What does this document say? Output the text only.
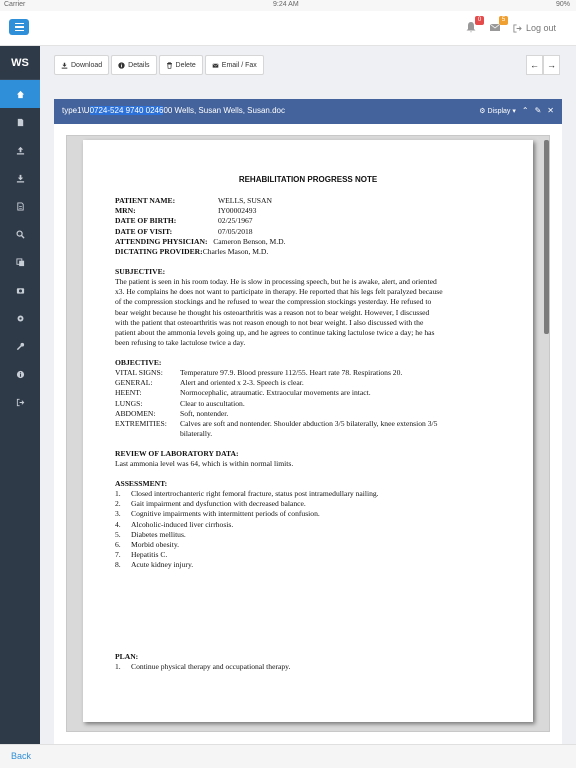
Carrier	9:24 AM	90%
0	5
Log out
WS	Download	Details	Delete	Email / Fax	← →
type1\U0724-524 9740 024600 Wells, Susan Wells, Susan.doc	⚙ Display ▾ ⌃ ✎ ✕
REHABILITATION PROGRESS NOTE
PATIENT NAME:	WELLS, SUSAN
MRN:	IY00002493
DATE OF BIRTH:	02/25/1967
DATE OF VISIT:	07/05/2018
ATTENDING PHYSICIAN: Cameron Benson, M.D.
DICTATING PROVIDER:Charles Mason, M.D.
SUBJECTIVE:
The patient is seen in his room today. He is slow in processing speech, but he is awake, alert, and oriented
x3. He complains he does not want to participate in therapy. He reported that his legs felt paralyzed because
of the compression stockings and he refused to wear the compression stockings yesterday. He refused to
bear weight because he thought his osteoarthritis was a reason not to bear weight. However, I discussed
with the patient that osteoarthritis was not reason enough to not bear weight. I also discussed with the
patient about the ammonia levels going up, and he agrees to continue taking lactulose twice a day; he has
been refusing to take lactulose twice a day.
OBJECTIVE:
VITAL SIGNS: Temperature 97.9. Blood pressure 112/55. Heart rate 78. Respirations 20.
GENERAL:	Alert and oriented x 2-3. Speech is clear.
HEENT:	Normocephalic, atraumatic. Extraocular movements are intact.
LUNGS:	Clear to auscultation.
ABDOMEN:	Soft, nontender.
EXTREMITIES: Calves are soft and nontender. Shoulder abduction 3/5 bilaterally, knee extension 3/5
bilaterally.
REVIEW OF LABORATORY DATA:
Last ammonia level was 64, which is within normal limits.
ASSESSMENT:
1. Closed intertrochanteric right femoral fracture, status post intramedullary nailing.
2. Gait impairment and dysfunction with decreased balance.
3. Cognitive impairments with intermittent periods of confusion.
4. Alcoholic-induced liver cirrhosis.
5. Diabetes mellitus.
6. Morbid obesity.
7. Hepatitis C.
8. Acute kidney injury.
PLAN:
1. Continue physical therapy and occupational therapy.
Back
